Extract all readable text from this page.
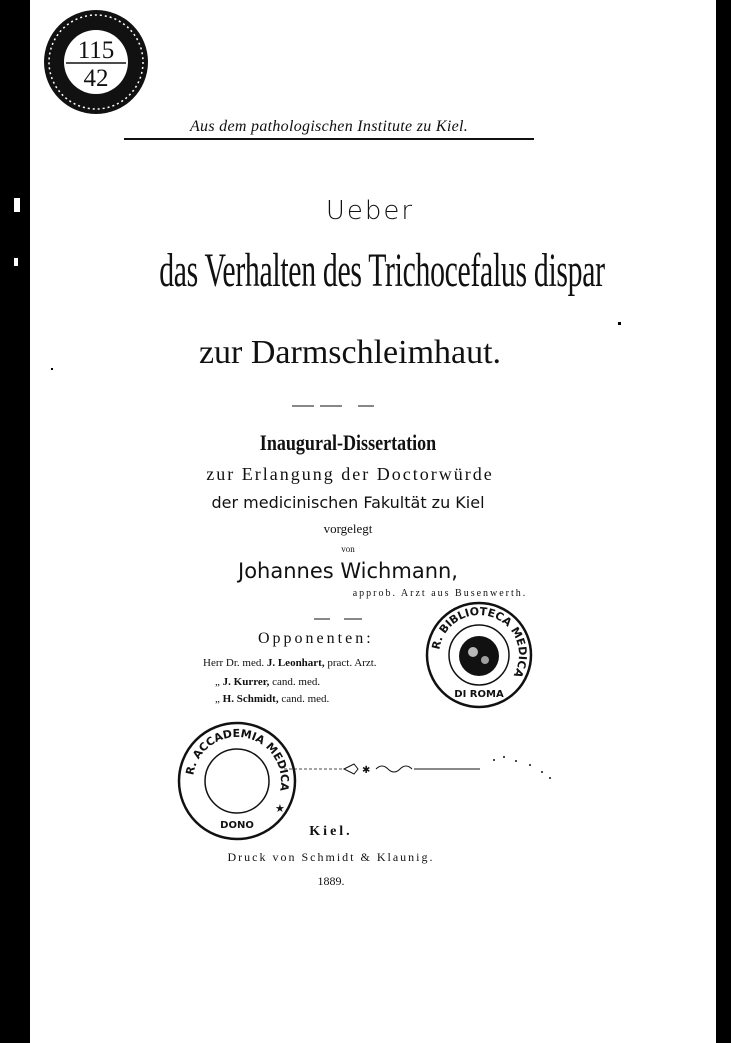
115
42
Aus dem pathologischen Institute zu Kiel.
Ueber
das Verhalten des Trichocefalus dispar
zur Darmschleimhaut.
Inaugural-Dissertation
zur Erlangung der Doctorwürde
der medicinischen Fakultät zu Kiel
vorgelegt
von
Johannes Wichmann,
approb. Arzt aus Busenwerth.
Opponenten:
Herr Dr. med. J. Leonhart, pract. Arzt.
„ J. Kurrer, cand. med.
„ H. Schmidt, cand. med.
R. BIBLIOTECA MEDICA
DI ROMA
R. ACCADEMIA MEDICA
DONO
★
✱
Kiel.
Druck von Schmidt & Klaunig.
1889.
